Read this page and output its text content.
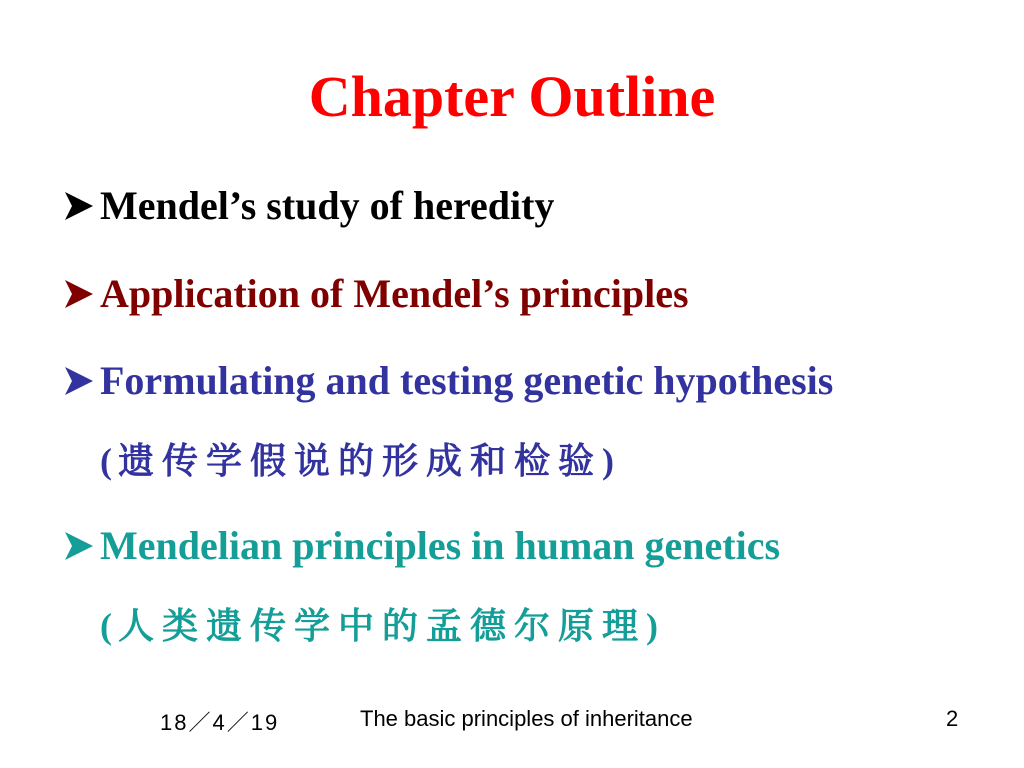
Chapter Outline
Mendel’s study of heredity
Application of Mendel’s principles
Formulating and testing genetic hypothesis
(遗传学假说的形成和检验)
Mendelian principles in human genetics
(人类遗传学中的孟德尔原理)
18／4／19	The basic principles of inheritance	2
